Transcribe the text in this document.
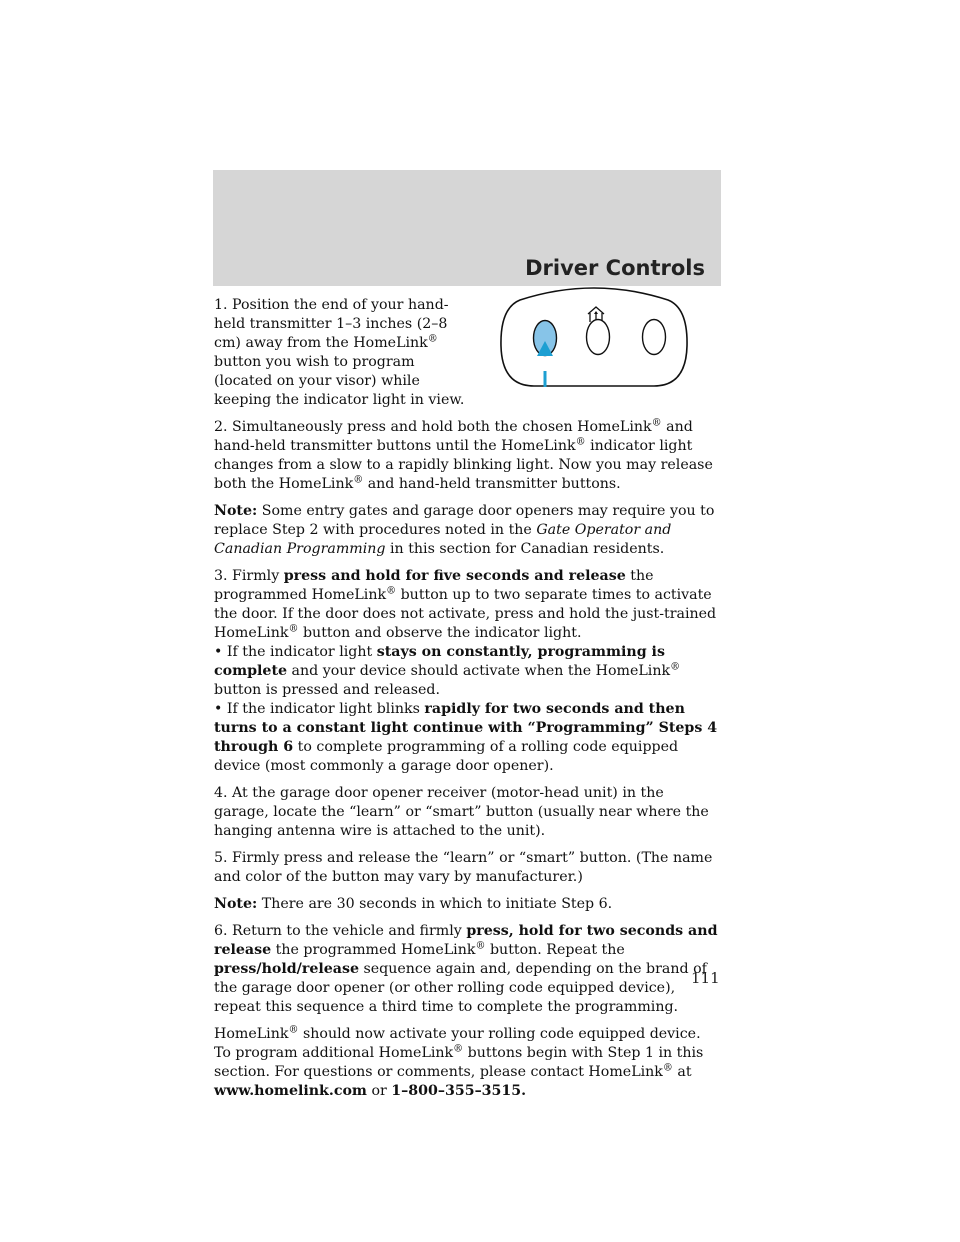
Driver Controls

1. Position the end of your hand-held transmitter 1–3 inches (2–8 cm) away from the HomeLink® button you wish to program (located on your visor) while keeping the indicator light in view.

2. Simultaneously press and hold both the chosen HomeLink® and hand-held transmitter buttons until the HomeLink® indicator light changes from a slow to a rapidly blinking light. Now you may release both the HomeLink® and hand-held transmitter buttons.

Note: Some entry gates and garage door openers may require you to replace Step 2 with procedures noted in the Gate Operator and Canadian Programming in this section for Canadian residents.

3. Firmly press and hold for five seconds and release the programmed HomeLink® button up to two separate times to activate the door. If the door does not activate, press and hold the just-trained HomeLink® button and observe the indicator light.

• If the indicator light stays on constantly, programming is complete and your device should activate when the HomeLink® button is pressed and released.

• If the indicator light blinks rapidly for two seconds and then turns to a constant light continue with “Programming” Steps 4 through 6 to complete programming of a rolling code equipped device (most commonly a garage door opener).

4. At the garage door opener receiver (motor-head unit) in the garage, locate the “learn” or “smart” button (usually near where the hanging antenna wire is attached to the unit).

5. Firmly press and release the “learn” or “smart” button. (The name and color of the button may vary by manufacturer.)

Note: There are 30 seconds in which to initiate Step 6.

6. Return to the vehicle and firmly press, hold for two seconds and release the programmed HomeLink® button. Repeat the press/hold/release sequence again and, depending on the brand of the garage door opener (or other rolling code equipped device), repeat this sequence a third time to complete the programming.

HomeLink® should now activate your rolling code equipped device. To program additional HomeLink® buttons begin with Step 1 in this section. For questions or comments, please contact HomeLink® at www.homelink.com or 1–800–355–3515.

111
